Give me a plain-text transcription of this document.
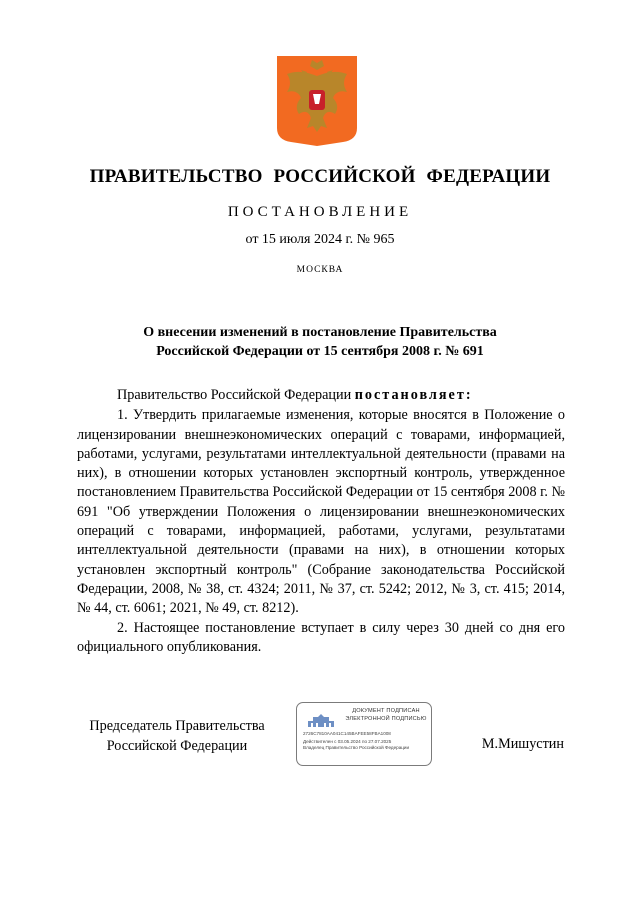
ПРАВИТЕЛЬСТВО РОССИЙСКОЙ ФЕДЕРАЦИИ
ПОСТАНОВЛЕНИЕ
от 15 июля 2024 г. № 965
МОСКВА
О внесении изменений в постановление Правительства
Российской Федерации от 15 сентября 2008 г. № 691

Правительство Российской Федерации постановляет:

1. Утвердить прилагаемые изменения, которые вносятся в Положение о лицензировании внешнеэкономических операций с товарами, информацией, работами, услугами, результатами интеллектуальной деятельности (правами на них), в отношении которых установлен экспортный контроль, утвержденное постановлением Правительства Российской Федерации от 15 сентября 2008 г. № 691 "Об утверждении Положения о лицензировании внешнеэкономических операций с товарами, информацией, работами, услугами, результатами интеллектуальной деятельности (правами на них), в отношении которых установлен экспортный контроль" (Собрание законодательства Российской Федерации, 2008, № 38, ст. 4324; 2011, № 37, ст. 5242; 2012, № 3, ст. 415; 2014, № 44, ст. 6061; 2021, № 49, ст. 8212).

2. Настоящее постановление вступает в силу через 30 дней со дня его официального опубликования.

Председатель Правительства
Российской Федерации
ДОКУМЕНТ ПОДПИСАН
ЭЛЕКТРОННОЙ ПОДПИСЬЮ
2726C7810AA041C145BAFEE58FBA1008
Действителен с 03.05.2024 по 27.07.2025
Владелец Правительство Российской Федерации	М.Мишустин
